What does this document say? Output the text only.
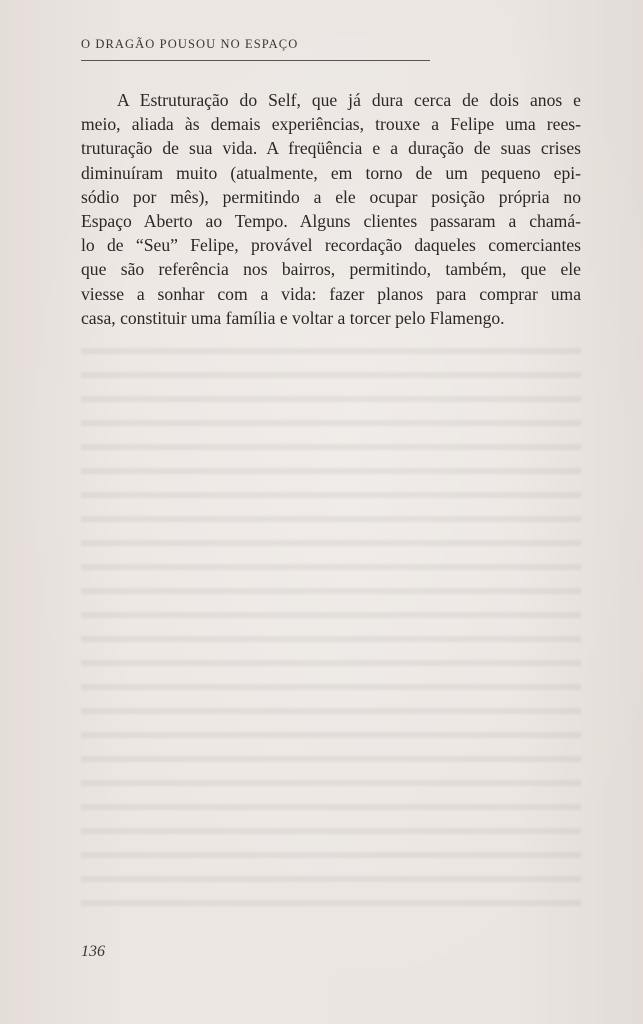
O DRAGÃO POUSOU NO ESPAÇO
A Estruturação do Self, que já dura cerca de dois anos e
meio, aliada às demais experiências, trouxe a Felipe uma rees-
truturação de sua vida. A freqüência e a duração de suas crises
diminuíram muito (atualmente, em torno de um pequeno epi-
sódio por mês), permitindo a ele ocupar posição própria no
Espaço Aberto ao Tempo. Alguns clientes passaram a chamá-
lo de “Seu” Felipe, provável recordação daqueles comerciantes
que são referência nos bairros, permitindo, também, que ele
viesse a sonhar com a vida: fazer planos para comprar uma
casa, constituir uma família e voltar a torcer pelo Flamengo.
136
